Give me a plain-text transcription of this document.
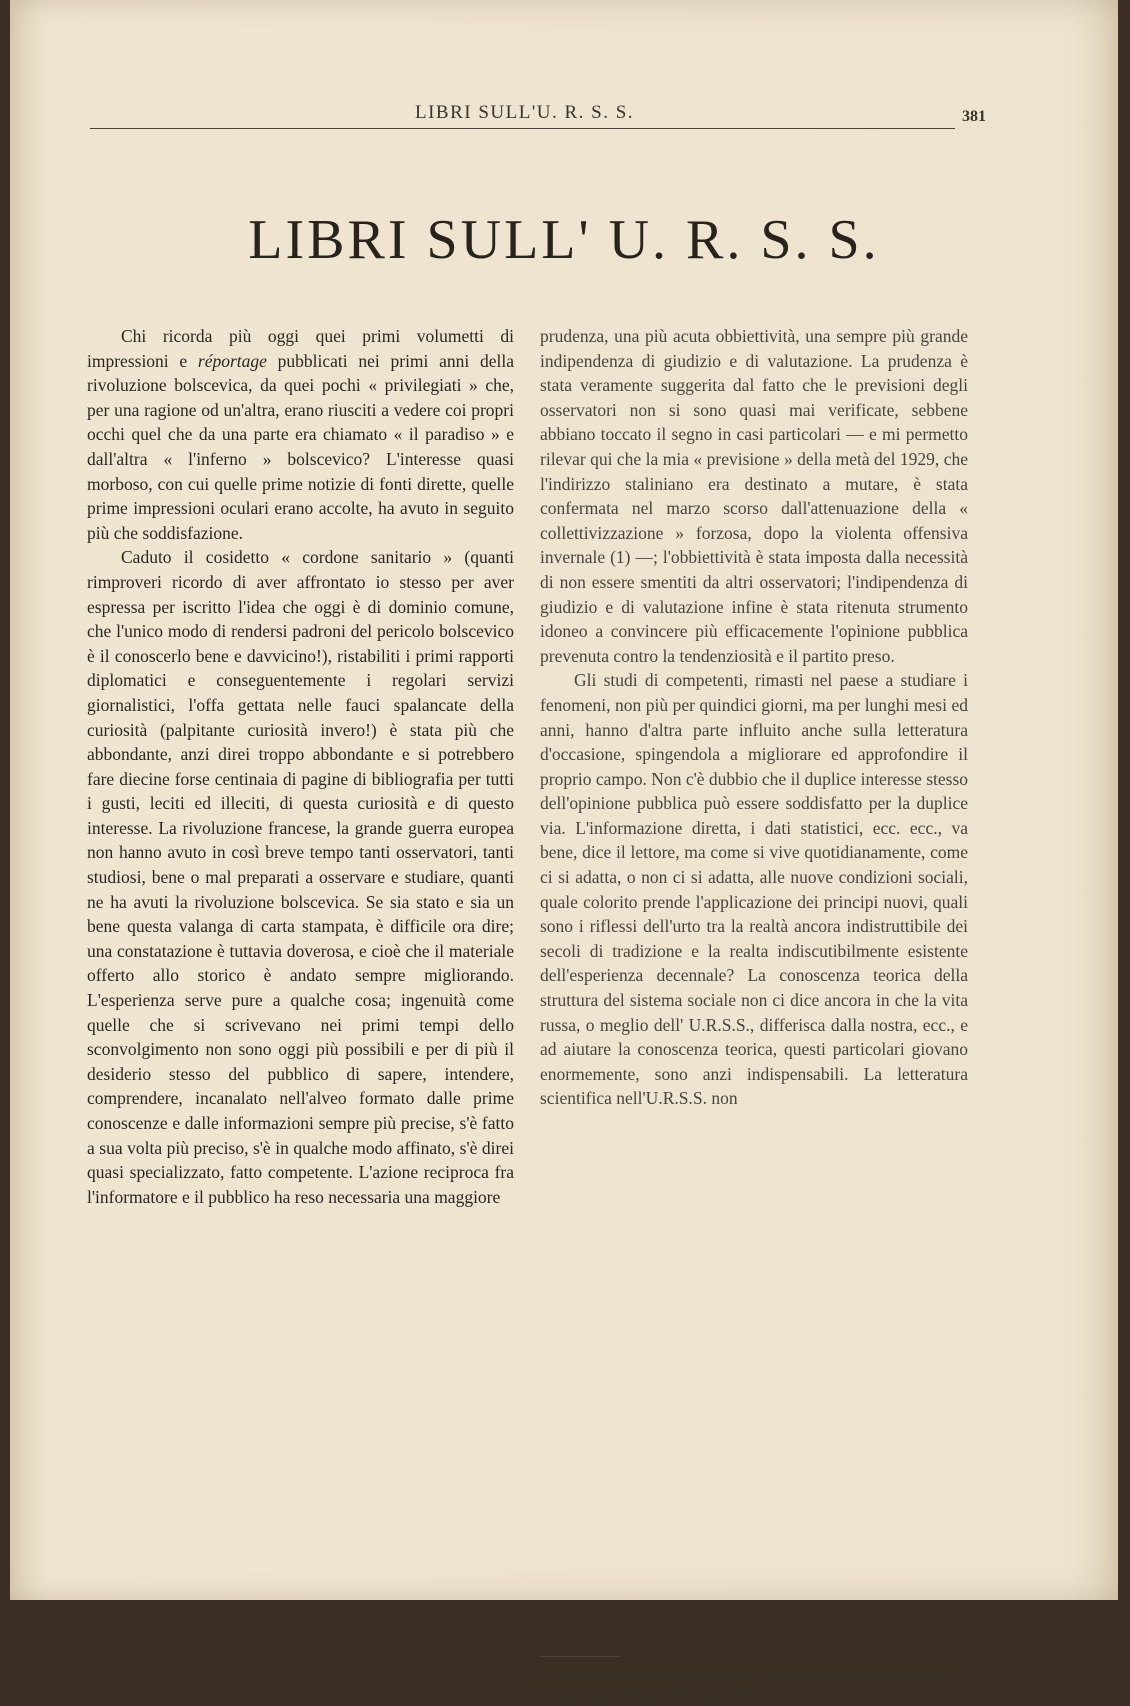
LIBRI SULL'U. R. S. S.	381
LIBRI SULL' U. R. S. S.

Chi ricorda più oggi quei primi volumetti di impressioni e réportage pubblicati nei primi anni della rivoluzione bolscevica, da quei pochi « privilegiati » che, per una ragione od un'altra, erano riusciti a vedere coi propri occhi quel che da una parte era chiamato « il paradiso » e dall'altra « l'inferno » bolscevico? L'interesse quasi morboso, con cui quelle prime notizie di fonti dirette, quelle prime impressioni oculari erano accolte, ha avuto in seguito più che soddisfazione.

Caduto il cosidetto « cordone sanitario » (quanti rimproveri ricordo di aver affrontato io stesso per aver espressa per iscritto l'idea che oggi è di dominio comune, che l'unico modo di rendersi padroni del pericolo bolscevico è il conoscerlo bene e davvicino!), ristabiliti i primi rapporti diplomatici e conseguentemente i regolari servizi giornalistici, l'offa gettata nelle fauci spalancate della curiosità (palpitante curiosità invero!) è stata più che abbondante, anzi direi troppo abbondante e si potrebbero fare diecine forse centinaia di pagine di bibliografia per tutti i gusti, leciti ed illeciti, di questa curiosità e di questo interesse. La rivoluzione francese, la grande guerra europea non hanno avuto in così breve tempo tanti osservatori, tanti studiosi, bene o mal preparati a osservare e studiare, quanti ne ha avuti la rivoluzione bolscevica. Se sia stato e sia un bene questa valanga di carta stampata, è difficile ora dire; una constatazione è tuttavia doverosa, e cioè che il materiale offerto allo storico è andato sempre migliorando. L'esperienza serve pure a qualche cosa; ingenuità come quelle che si scrivevano nei primi tempi dello sconvolgimento non sono oggi più possibili e per di più il desiderio stesso del pubblico di sapere, intendere, comprendere, incanalato nell'alveo formato dalle prime conoscenze e dalle informazioni sempre più precise, s'è fatto a sua volta più preciso, s'è in qualche modo affinato, s'è direi quasi specializzato, fatto competente. L'azione reciproca fra l'informatore e il pubblico ha reso necessaria una maggiore

prudenza, una più acuta obbiettività, una sempre più grande indipendenza di giudizio e di valutazione. La prudenza è stata veramente suggerita dal fatto che le previsioni degli osservatori non si sono quasi mai verificate, sebbene abbiano toccato il segno in casi particolari — e mi permetto rilevar qui che la mia « previsione » della metà del 1929, che l'indirizzo staliniano era destinato a mutare, è stata confermata nel marzo scorso dall'attenuazione della « collettivizzazione » forzosa, dopo la violenta offensiva invernale (1) —; l'obbiettività è stata imposta dalla necessità di non essere smentiti da altri osservatori; l'indipendenza di giudizio e di valutazione infine è stata ritenuta strumento idoneo a convincere più efficacemente l'opinione pubblica prevenuta contro la tendenziosità e il partito preso.

Gli studi di competenti, rimasti nel paese a studiare i fenomeni, non più per quindici giorni, ma per lunghi mesi ed anni, hanno d'altra parte influito anche sulla letteratura d'occasione, spingendola a migliorare ed approfondire il proprio campo. Non c'è dubbio che il duplice interesse stesso dell'opinione pubblica può essere soddisfatto per la duplice via. L'informazione diretta, i dati statistici, ecc. ecc., va bene, dice il lettore, ma come si vive quotidianamente, come ci si adatta, o non ci si adatta, alle nuove condizioni sociali, quale colorito prende l'applicazione dei principi nuovi, quali sono i riflessi dell'urto tra la realtà ancora indistruttibile dei secoli di tradizione e la realta indiscutibilmente esistente dell'esperienza decennale? La conoscenza teorica della struttura del sistema sociale non ci dice ancora in che la vita russa, o meglio dell' U.R.S.S., differisca dalla nostra, ecc., e ad aiutare la conoscenza teorica, questi particolari giovano enormemente, sono anzi indispensabili. La letteratura scientifica nell'U.R.S.S. non

(1) Vedi la prefazione del mio volume: Dall'epica alla cronaca sovietista, Roma, Istituto Europa Orientale, 1929.
